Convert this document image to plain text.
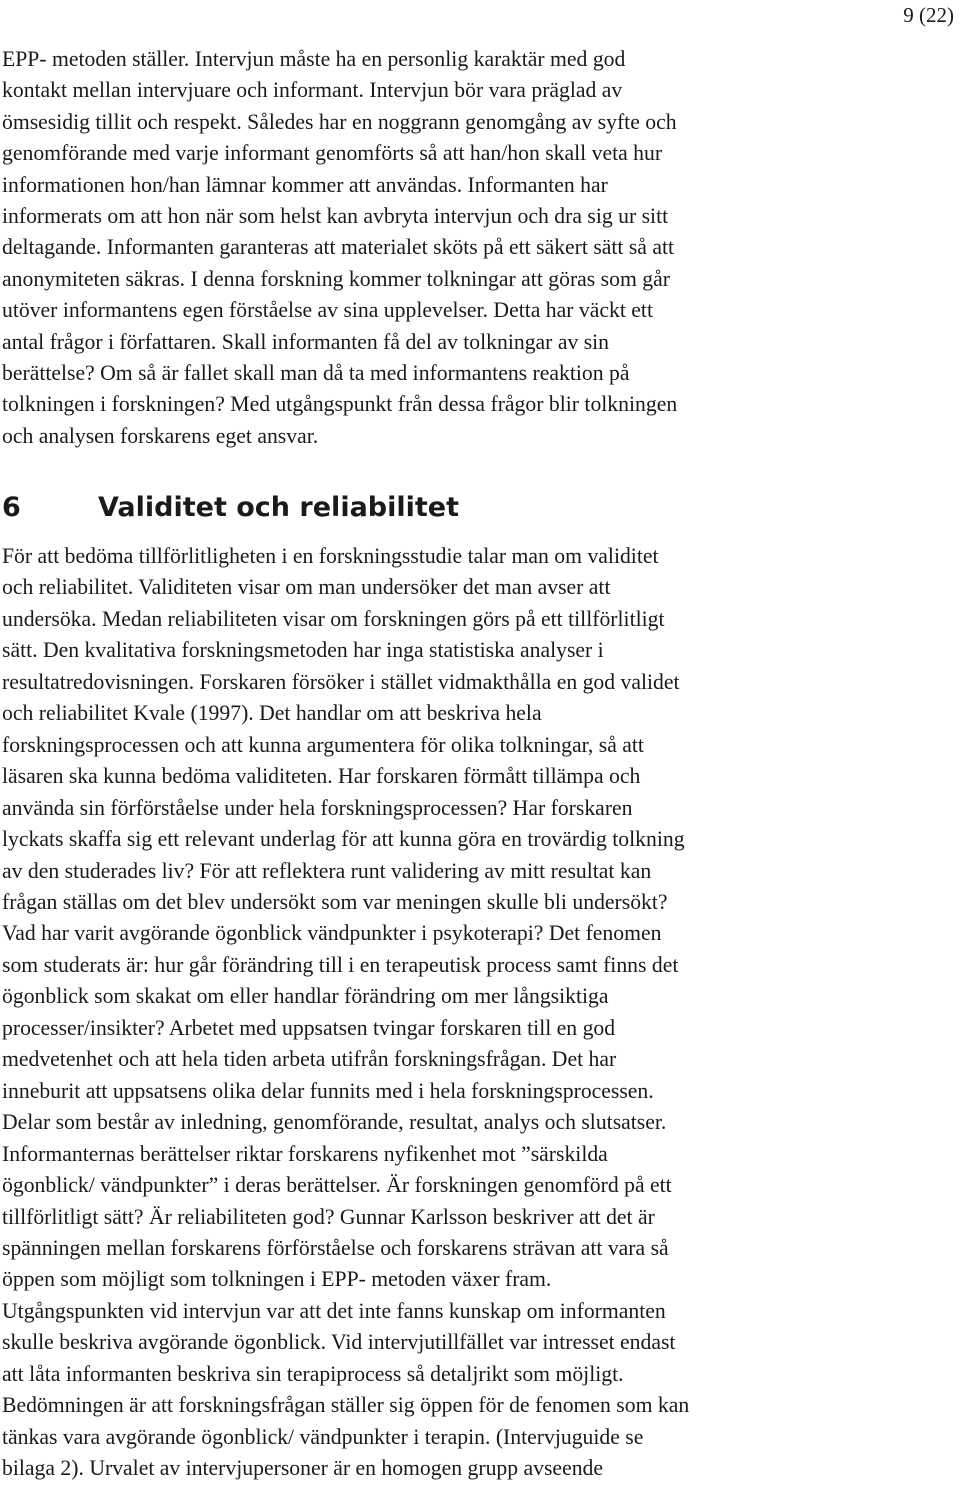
9 (22)

EPP- metoden ställer. Intervjun måste ha en personlig karaktär med god
kontakt mellan intervjuare och informant. Intervjun bör vara präglad av
ömsesidig tillit och respekt. Således har en noggrann genomgång av syfte och
genomförande med varje informant genomförts så att han/hon skall veta hur
informationen hon/han lämnar kommer att användas. Informanten har
informerats om att hon när som helst kan avbryta intervjun och dra sig ur sitt
deltagande. Informanten garanteras att materialet sköts på ett säkert sätt så att
anonymiteten säkras. I denna forskning kommer tolkningar att göras som går
utöver informantens egen förståelse av sina upplevelser. Detta har väckt ett
antal frågor i författaren. Skall informanten få del av tolkningar av sin
berättelse? Om så är fallet skall man då ta med informantens reaktion på
tolkningen i forskningen? Med utgångspunkt från dessa frågor blir tolkningen
och analysen forskarens eget ansvar.

6	Validitet och reliabilitet

För att bedöma tillförlitligheten i en forskningsstudie talar man om validitet
och reliabilitet. Validiteten visar om man undersöker det man avser att
undersöka. Medan reliabiliteten visar om forskningen görs på ett tillförlitligt
sätt. Den kvalitativa forskningsmetoden har inga statistiska analyser i
resultatredovisningen. Forskaren försöker i stället vidmakthålla en god validet
och reliabilitet Kvale (1997). Det handlar om att beskriva hela
forskningsprocessen och att kunna argumentera för olika tolkningar, så att
läsaren ska kunna bedöma validiteten. Har forskaren förmått tillämpa och
använda sin förförståelse under hela forskningsprocessen? Har forskaren
lyckats skaffa sig ett relevant underlag för att kunna göra en trovärdig tolkning
av den studerades liv? För att reflektera runt validering av mitt resultat kan
frågan ställas om det blev undersökt som var meningen skulle bli undersökt?
Vad har varit avgörande ögonblick vändpunkter i psykoterapi? Det fenomen
som studerats är: hur går förändring till i en terapeutisk process samt finns det
ögonblick som skakat om eller handlar förändring om mer långsiktiga
processer/insikter? Arbetet med uppsatsen tvingar forskaren till en god
medvetenhet och att hela tiden arbeta utifrån forskningsfrågan. Det har
inneburit att uppsatsens olika delar funnits med i hela forskningsprocessen.
Delar som består av inledning, genomförande, resultat, analys och slutsatser.
Informanternas berättelser riktar forskarens nyfikenhet mot ”särskilda
ögonblick/ vändpunkter” i deras berättelser. Är forskningen genomförd på ett
tillförlitligt sätt? Är reliabiliteten god? Gunnar Karlsson beskriver att det är
spänningen mellan forskarens förförståelse och forskarens strävan att vara så
öppen som möjligt som tolkningen i EPP- metoden växer fram.
Utgångspunkten vid intervjun var att det inte fanns kunskap om informanten
skulle beskriva avgörande ögonblick. Vid intervjutillfället var intresset endast
att låta informanten beskriva sin terapiprocess så detaljrikt som möjligt.
Bedömningen är att forskningsfrågan ställer sig öppen för de fenomen som kan
tänkas vara avgörande ögonblick/ vändpunkter i terapin. (Intervjuguide se
bilaga 2). Urvalet av intervjupersoner är en homogen grupp avseende
